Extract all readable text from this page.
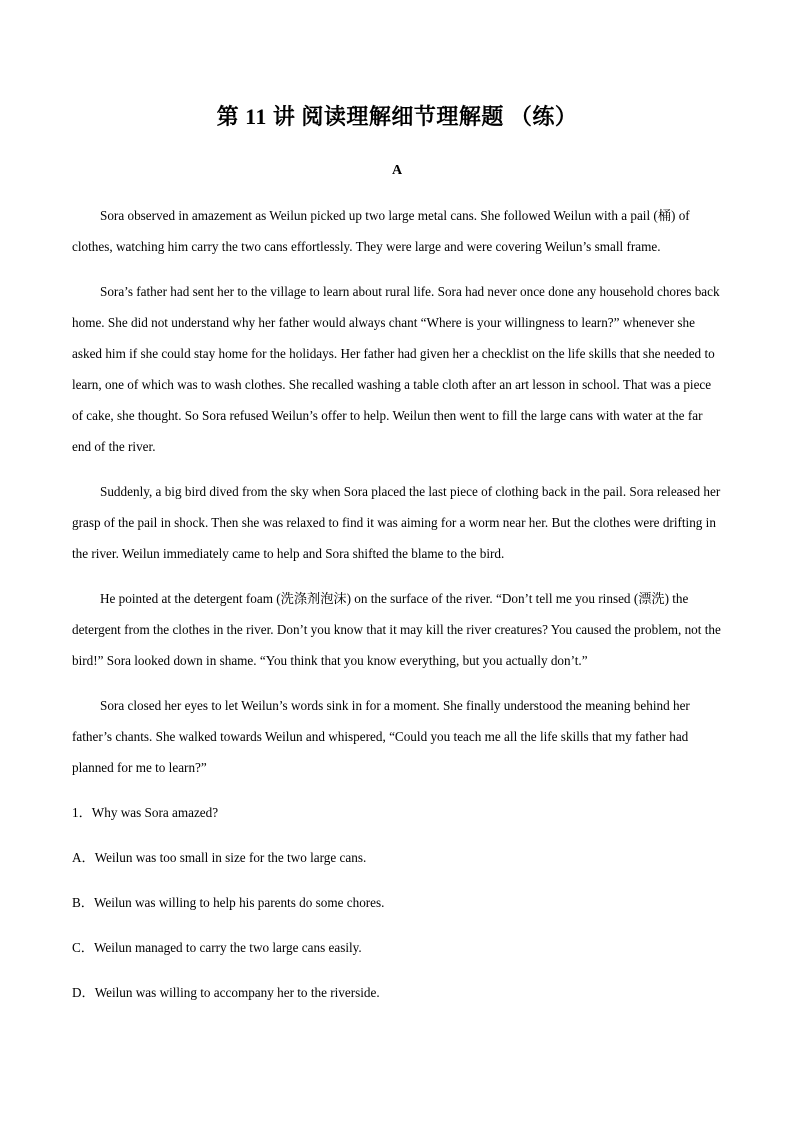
第 11 讲 阅读理解细节理解题 （练）
A

Sora observed in amazement as Weilun picked up two large metal cans. She followed Weilun with a pail (桶) of clothes, watching him carry the two cans effortlessly. They were large and were covering Weilun’s small frame.

Sora’s father had sent her to the village to learn about rural life. Sora had never once done any household chores back home. She did not understand why her father would always chant “Where is your willingness to learn?” whenever she asked him if she could stay home for the holidays. Her father had given her a checklist on the life skills that she needed to learn, one of which was to wash clothes. She recalled washing a table cloth after an art lesson in school. That was a piece of cake, she thought. So Sora refused Weilun’s offer to help. Weilun then went to fill the large cans with water at the far end of the river.

Suddenly, a big bird dived from the sky when Sora placed the last piece of clothing back in the pail. Sora released her grasp of the pail in shock. Then she was relaxed to find it was aiming for a worm near her. But the clothes were drifting in the river. Weilun immediately came to help and Sora shifted the blame to the bird.

He pointed at the detergent foam (洗涤剂泡沫) on the surface of the river. “Don’t tell me you rinsed (漂洗) the detergent from the clothes in the river. Don’t you know that it may kill the river creatures? You caused the problem, not the bird!” Sora looked down in shame. “You think that you know everything, but you actually don’t.”

Sora closed her eyes to let Weilun’s words sink in for a moment. She finally understood the meaning behind her father’s chants. She walked towards Weilun and whispered, “Could you teach me all the life skills that my father had planned for me to learn?”

1．Why was Sora amazed?

A．Weilun was too small in size for the two large cans.

B．Weilun was willing to help his parents do some chores.

C．Weilun managed to carry the two large cans easily.

D．Weilun was willing to accompany her to the riverside.
